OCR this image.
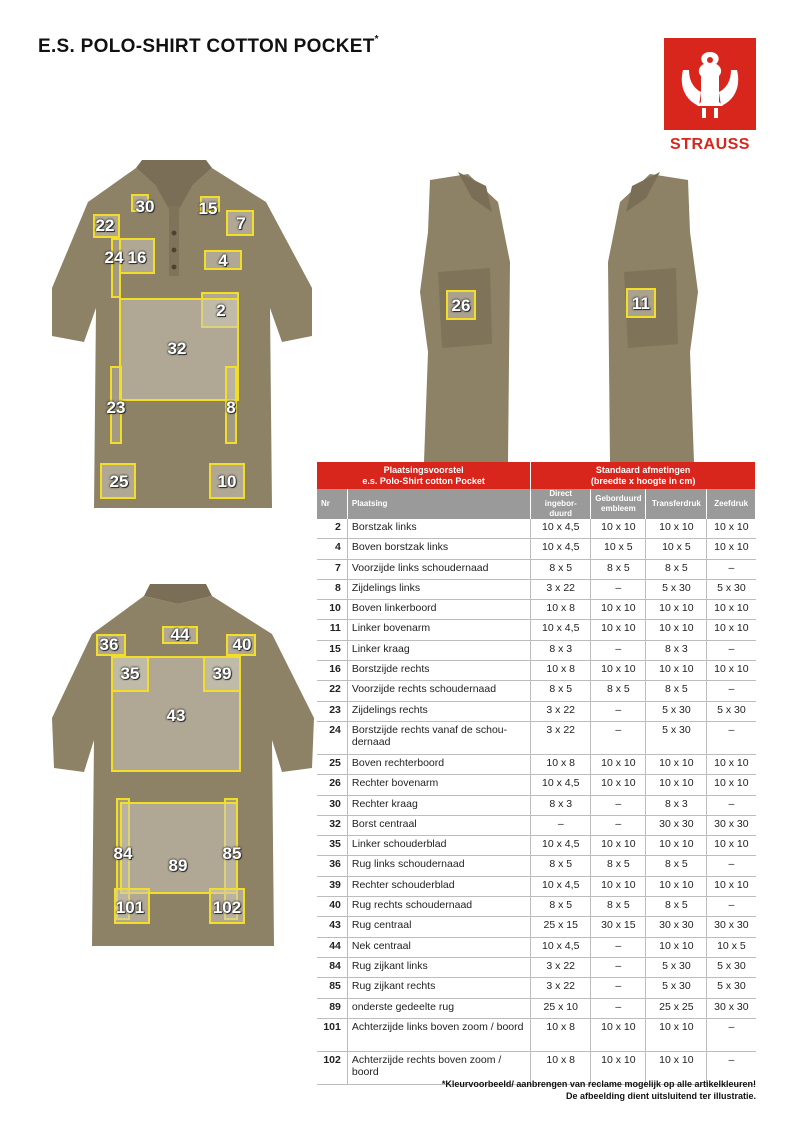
E.S. POLO-SHIRT COTTON POCKET*
STRAUSS
30	15
22	7
24 16	4
2
32
23	8
25	10
26	11
36
44
40
35	39
43
84
89
85
101	102
Plaatsingsvoorstel
e.s. Polo-Shirt cotton Pocket		Standaard afmetingen
(breedte x hoogte in cm)			
Nr	Plaatsing	Direct ingebor-duurd	Geborduurd embleem	Transferdruk	Zeefdruk
2	Borstzak links	10 x 4,5	10 x 10	10 x 10	10 x 10
4	Boven borstzak links	10 x 4,5	10 x 5	10 x 5	10 x 10
7	Voorzijde links schoudernaad	8 x 5	8 x 5	8 x 5	–
8	Zijdelings links	3 x 22	–	5 x 30	5 x 30
10	Boven linkerboord	10 x 8	10 x 10	10 x 10	10 x 10
11	Linker bovenarm	10 x 4,5	10 x 10	10 x 10	10 x 10
15	Linker kraag	8 x 3	–	8 x 3	–
16	Borstzijde rechts	10 x 8	10 x 10	10 x 10	10 x 10
22	Voorzijde rechts schoudernaad	8 x 5	8 x 5	8 x 5	–
23	Zijdelings rechts	3 x 22	–	5 x 30	5 x 30
24	Borstzijde rechts vanaf de schou-dernaad	3 x 22	–	5 x 30	–
25	Boven rechterboord	10 x 8	10 x 10	10 x 10	10 x 10
26	Rechter bovenarm	10 x 4,5	10 x 10	10 x 10	10 x 10
30	Rechter kraag	8 x 3	–	8 x 3	–
32	Borst centraal	–	–	30 x 30	30 x 30
35	Linker schouderblad	10 x 4,5	10 x 10	10 x 10	10 x 10
36	Rug links schoudernaad	8 x 5	8 x 5	8 x 5	–
39	Rechter schouderblad	10 x 4,5	10 x 10	10 x 10	10 x 10
40	Rug rechts schoudernaad	8 x 5	8 x 5	8 x 5	–
43	Rug centraal	25 x 15	30 x 15	30 x 30	30 x 30
44	Nek centraal	10 x 4,5	–	10 x 10	10 x 5
84	Rug zijkant links	3 x 22	–	5 x 30	5 x 30
85	Rug zijkant rechts	3 x 22	–	5 x 30	5 x 30
89	onderste gedeelte rug	25 x 10	–	25 x 25	30 x 30
101	Achterzijde links boven zoom / boord	10 x 8	10 x 10	10 x 10	–
102	Achterzijde rechts boven zoom / boord	10 x 8	10 x 10	10 x 10	–
*Kleurvoorbeeld/ aanbrengen van reclame mogelijk op alle artikelkleuren!
De afbeelding dient uitsluitend ter illustratie.
